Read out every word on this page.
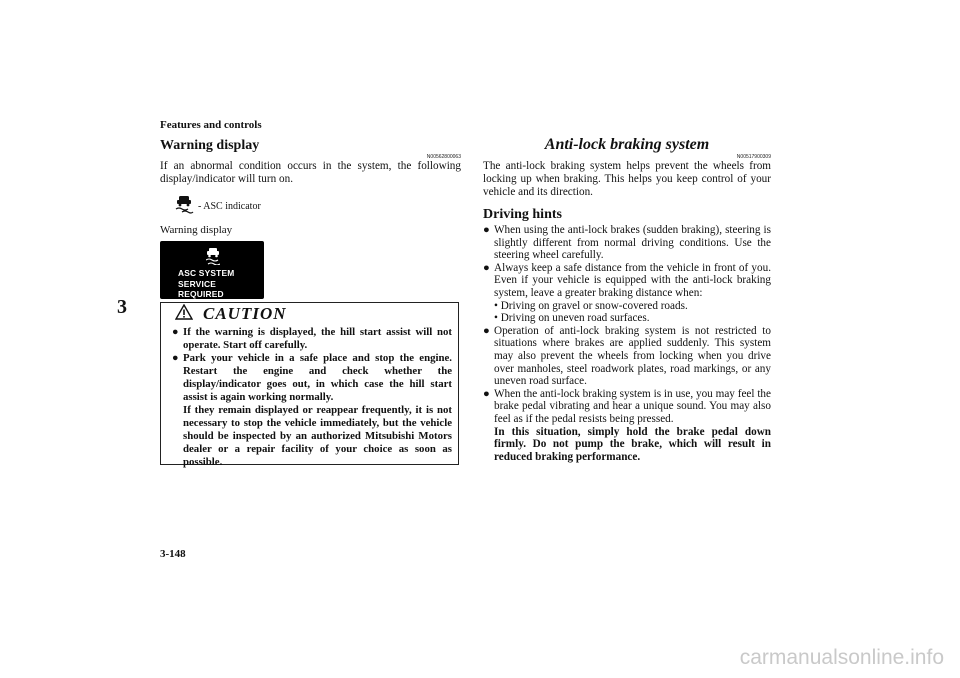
Features and controls
3
Warning display
N00562800063
If an abnormal condition occurs in the system, the following display/indicator will turn on.
- ASC indicator
Warning display
ASC SYSTEM
SERVICE REQUIRED
CAUTION
● If the warning is displayed, the hill start assist will not operate. Start off carefully.
● Park your vehicle in a safe place and stop the engine. Restart the engine and check whether the display/indicator goes out, in which case the hill start assist is again working normally.
If they remain displayed or reappear frequently, it is not necessary to stop the vehicle immediately, but the vehicle should be inspected by an authorized Mitsubishi Motors dealer or a repair facility of your choice as soon as possible.
Anti-lock braking system
N00517900309
The anti-lock braking system helps prevent the wheels from locking up when braking. This helps you keep control of your vehicle and its direction.
Driving hints
● When using the anti-lock brakes (sudden braking), steering is slightly different from normal driving conditions. Use the steering wheel carefully.
● Always keep a safe distance from the vehicle in front of you. Even if your vehicle is equipped with the anti-lock braking system, leave a greater braking distance when:
• Driving on gravel or snow-covered roads.
• Driving on uneven road surfaces.
● Operation of anti-lock braking system is not restricted to situations where brakes are applied suddenly. This system may also prevent the wheels from locking when you drive over manholes, steel roadwork plates, road markings, or any uneven road surface.
● When the anti-lock braking system is in use, you may feel the brake pedal vibrating and hear a unique sound. You may also feel as if the pedal resists being pressed.
In this situation, simply hold the brake pedal down firmly. Do not pump the brake, which will result in reduced braking performance.
3-148
carmanualsonline.info
